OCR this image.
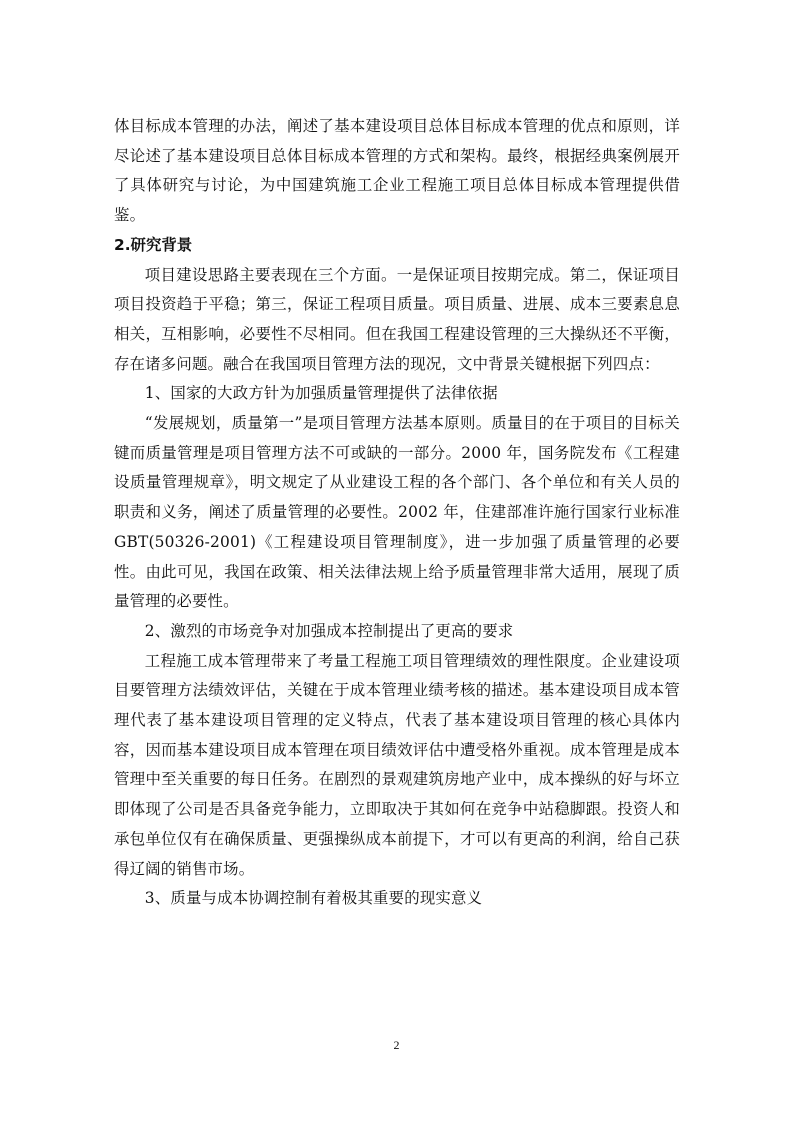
体目标成本管理的办法，阐述了基本建设项目总体目标成本管理的优点和原则，详尽论述了基本建设项目总体目标成本管理的方式和架构。最终，根据经典案例展开了具体研究与讨论，为中国建筑施工企业工程施工项目总体目标成本管理提供借鉴。

2.研究背景

项目建设思路主要表现在三个方面。一是保证项目按期完成。第二，保证项目项目投资趋于平稳；第三，保证工程项目质量。项目质量、进展、成本三要素息息相关，互相影响，必要性不尽相同。但在我国工程建设管理的三大操纵还不平衡，存在诸多问题。融合在我国项目管理方法的现况，文中背景关键根据下列四点：

1、国家的大政方针为加强质量管理提供了法律依据

“发展规划，质量第一”是项目管理方法基本原则。质量目的在于项目的目标关键而质量管理是项目管理方法不可或缺的一部分。2000 年，国务院发布《工程建设质量管理规章》，明文规定了从业建设工程的各个部门、各个单位和有关人员的职责和义务，阐述了质量管理的必要性。2002 年，住建部准许施行国家行业标准 GBT(50326-2001)《工程建设项目管理制度》，进一步加强了质量管理的必要性。由此可见，我国在政策、相关法律法规上给予质量管理非常大适用，展现了质量管理的必要性。

2、激烈的市场竞争对加强成本控制提出了更高的要求

工程施工成本管理带来了考量工程施工项目管理绩效的理性限度。企业建设项目要管理方法绩效评估，关键在于成本管理业绩考核的描述。基本建设项目成本管理代表了基本建设项目管理的定义特点，代表了基本建设项目管理的核心具体内容，因而基本建设项目成本管理在项目绩效评估中遭受格外重视。成本管理是成本管理中至关重要的每日任务。在剧烈的景观建筑房地产业中，成本操纵的好与坏立即体现了公司是否具备竞争能力，立即取决于其如何在竞争中站稳脚跟。投资人和承包单位仅有在确保质量、更强操纵成本前提下，才可以有更高的利润，给自己获得辽阔的销售市场。

3、质量与成本协调控制有着极其重要的现实意义

2
